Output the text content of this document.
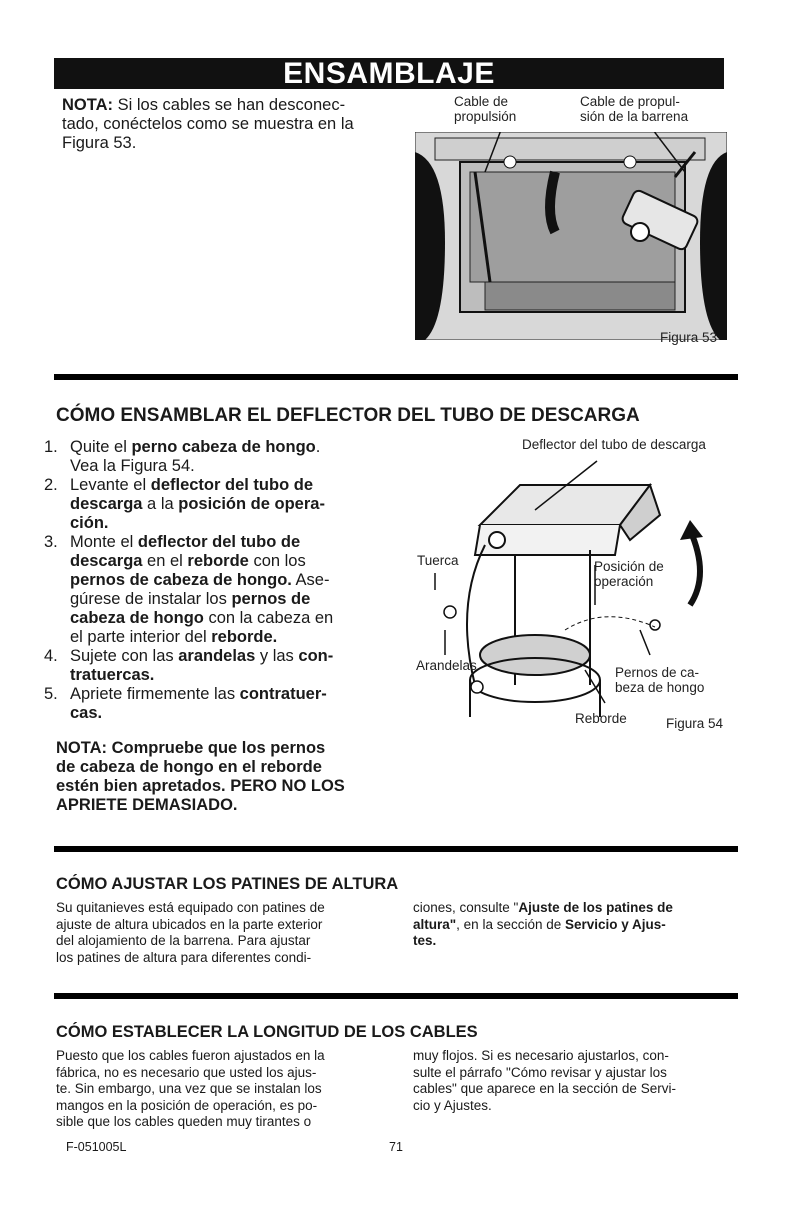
ENSAMBLAJE
NOTA: Si los cables se han desconec-
tado, conéctelos como se muestra en la
Figura 53.
Cable de
propulsión
Cable de propul-
sión de la barrena
Figura 53
CÓMO ENSAMBLAR EL DEFLECTOR DEL TUBO DE DESCARGA
1. Quite el perno cabeza de hongo.
Vea la Figura 54.
2. Levante el deflector del tubo de
descarga a la posición de opera-
ción.
3. Monte el deflector del tubo de
descarga en el reborde con los
pernos de cabeza de hongo. Ase-
gúrese de instalar los pernos de
cabeza de hongo con la cabeza en
el parte interior del reborde.
4. Sujete con las arandelas y las con-
tratuercas.
5. Apriete firmemente las contratuer-
cas.
NOTA: Compruebe que los pernos
de cabeza de hongo en el reborde
estén bien apretados. PERO NO LOS
APRIETE DEMASIADO.
Deflector del tubo de descarga
Tuerca
Arandelas
Posición de
operación
Pernos de ca-
beza de hongo
Reborde	Figura 54
CÓMO AJUSTAR LOS PATINES DE ALTURA
Su quitanieves está equipado con patines de
ajuste de altura ubicados en la parte exterior
del alojamiento de la barrena. Para ajustar
los patines de altura para diferentes condi-
ciones, consulte "Ajuste de los patines de
altura", en la sección de Servicio y Ajus-
tes.
CÓMO ESTABLECER LA LONGITUD DE LOS CABLES
Puesto que los cables fueron ajustados en la
fábrica, no es necesario que usted los ajus-
te. Sin embargo, una vez que se instalan los
mangos en la posición de operación, es po-
sible que los cables queden muy tirantes o
muy flojos. Si es necesario ajustarlos, con-
sulte el párrafo "Cómo revisar y ajustar los
cables" que aparece en la sección de Servi-
cio y Ajustes.
F-051005L	71
